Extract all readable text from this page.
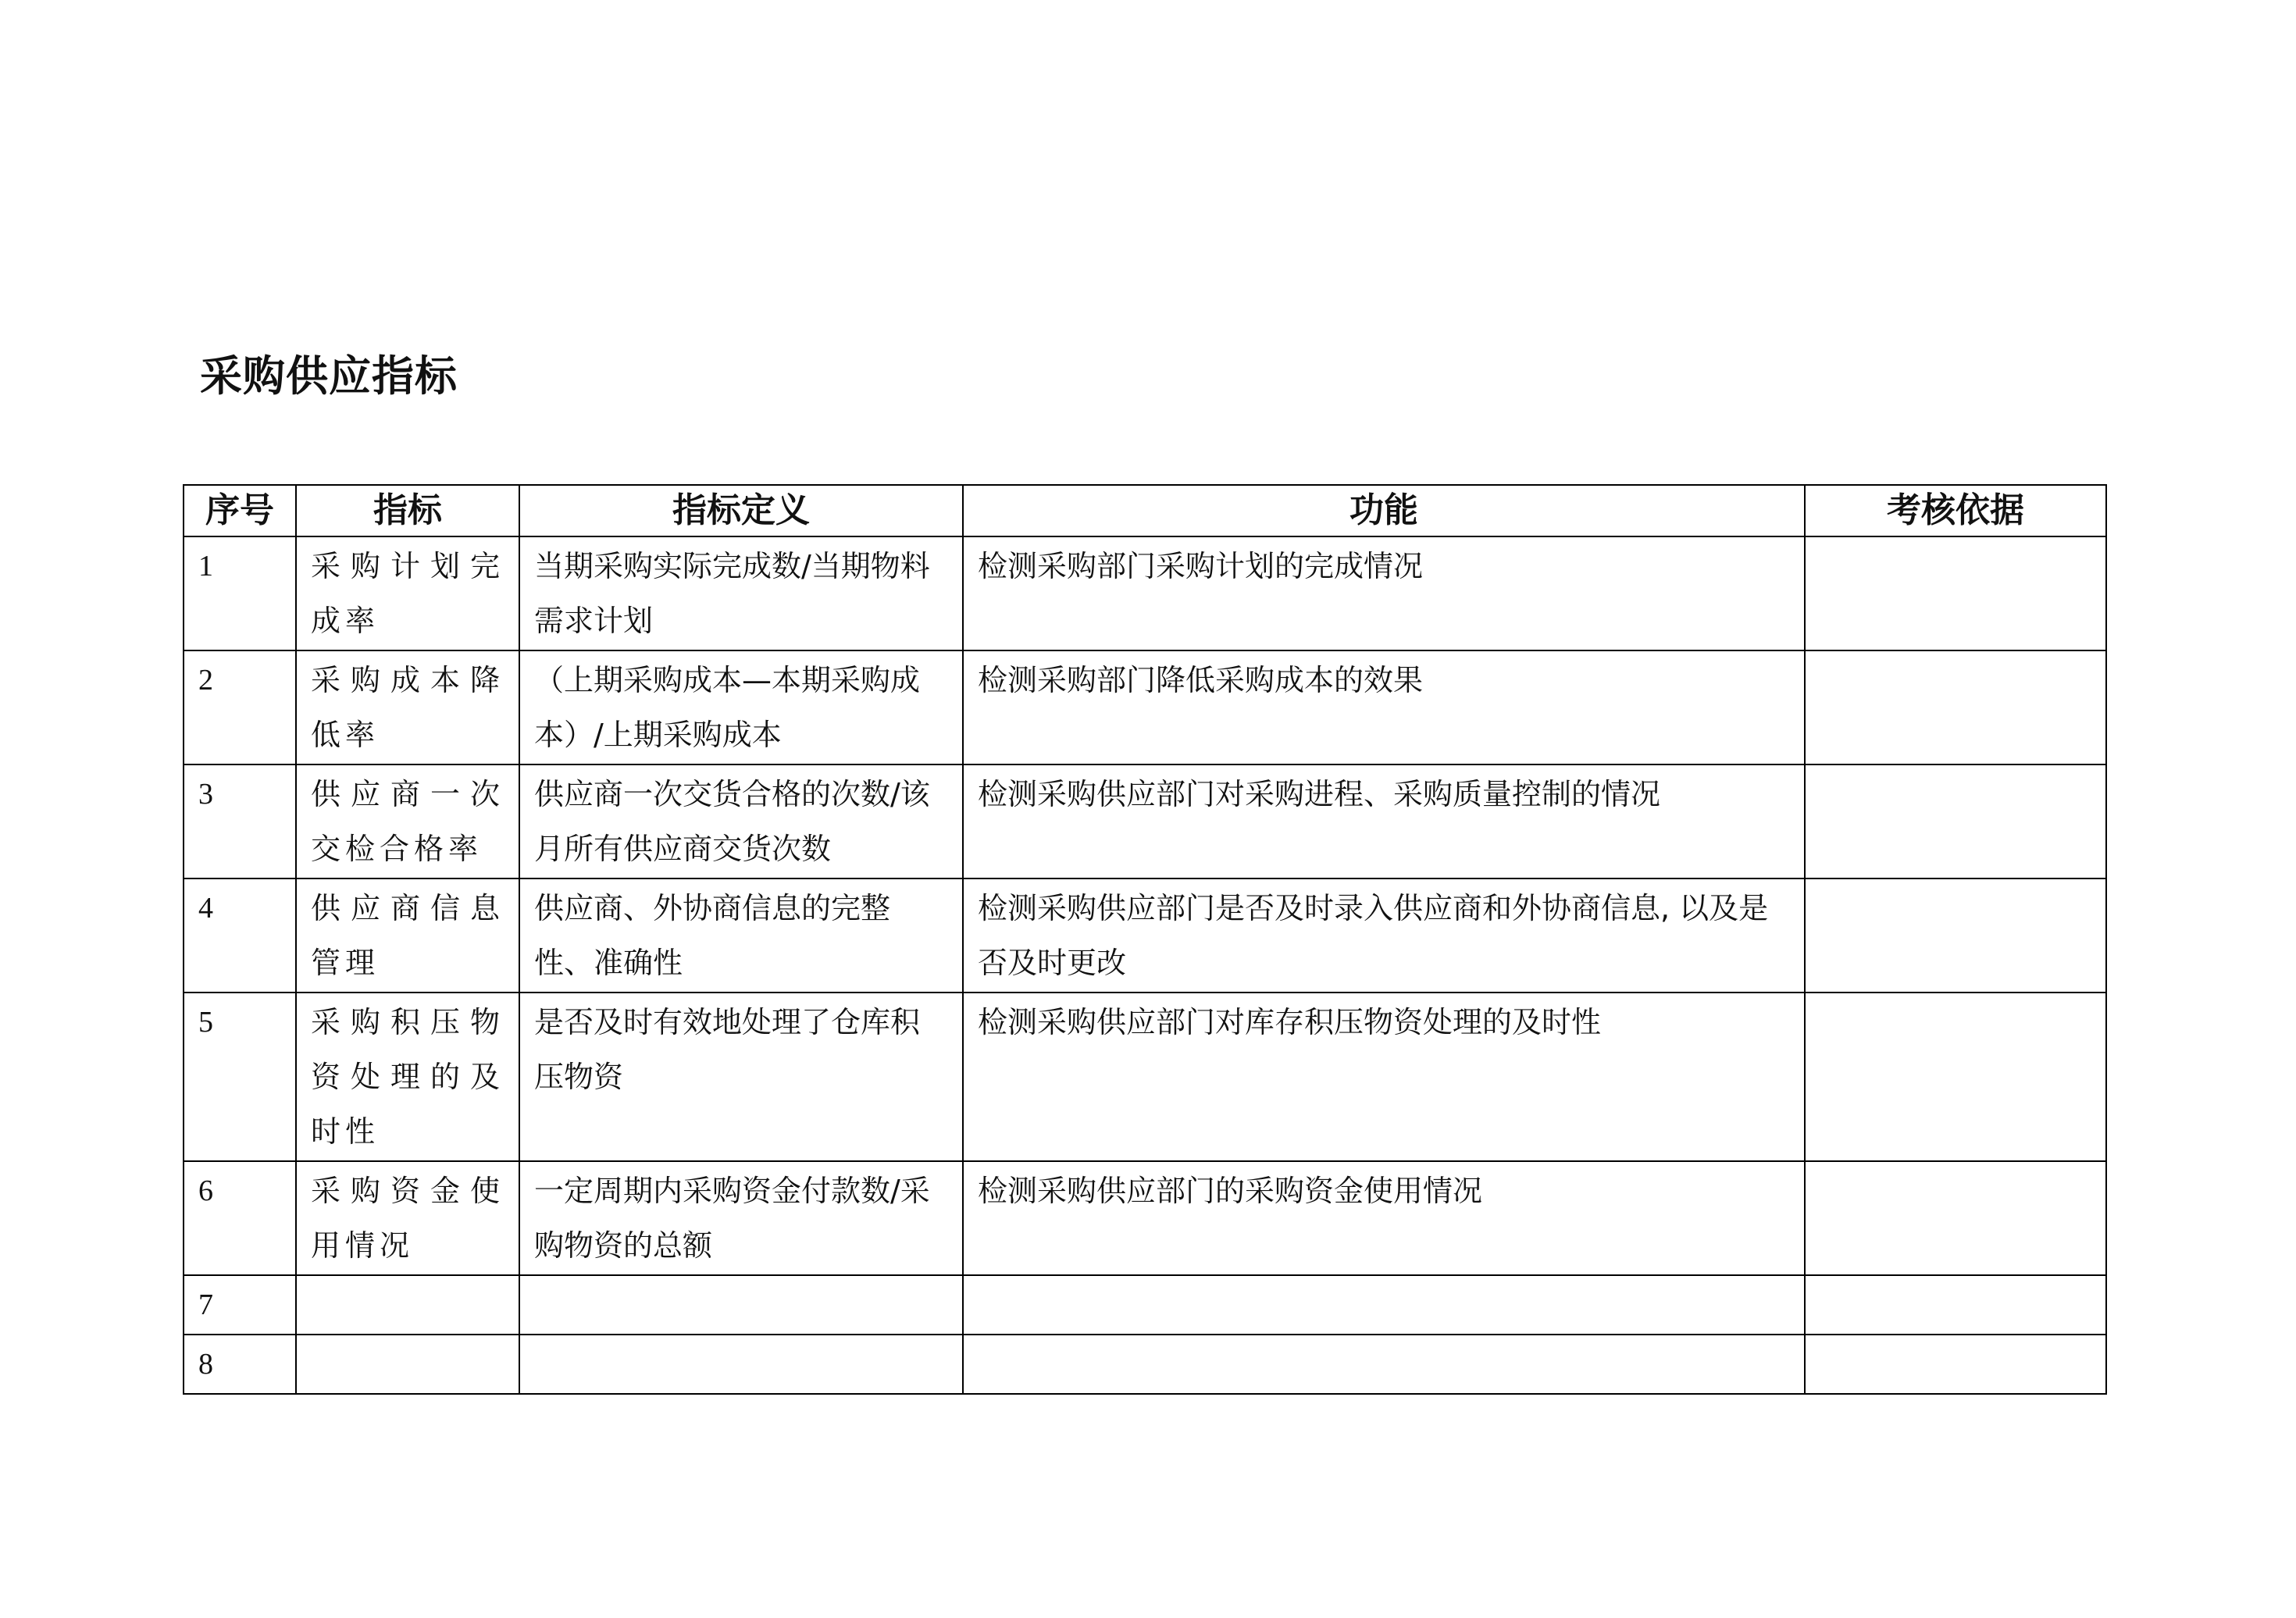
采购供应指标
序号	指标	指标定义	功能	考核依据
1	采购计划完成率	当期采购实际完成数/当期物料需求计划	检测采购部门采购计划的完成情况	
2	采购成本降低率	（上期采购成本—本期采购成本）/上期采购成本	检测采购部门降低采购成本的效果	
3	供应商一次交检合格率	供应商一次交货合格的次数/该月所有供应商交货次数	检测采购供应部门对采购进程、采购质量控制的情况	
4	供应商信息管理	供应商、外协商信息的完整性、准确性	检测采购供应部门是否及时录入供应商和外协商信息, 以及是否及时更改	
5	采购积压物资处理的及时性	是否及时有效地处理了仓库积压物资	检测采购供应部门对库存积压物资处理的及时性	
6	采购资金使用情况	一定周期内采购资金付款数/采购物资的总额	检测采购供应部门的采购资金使用情况	
7				
8				
